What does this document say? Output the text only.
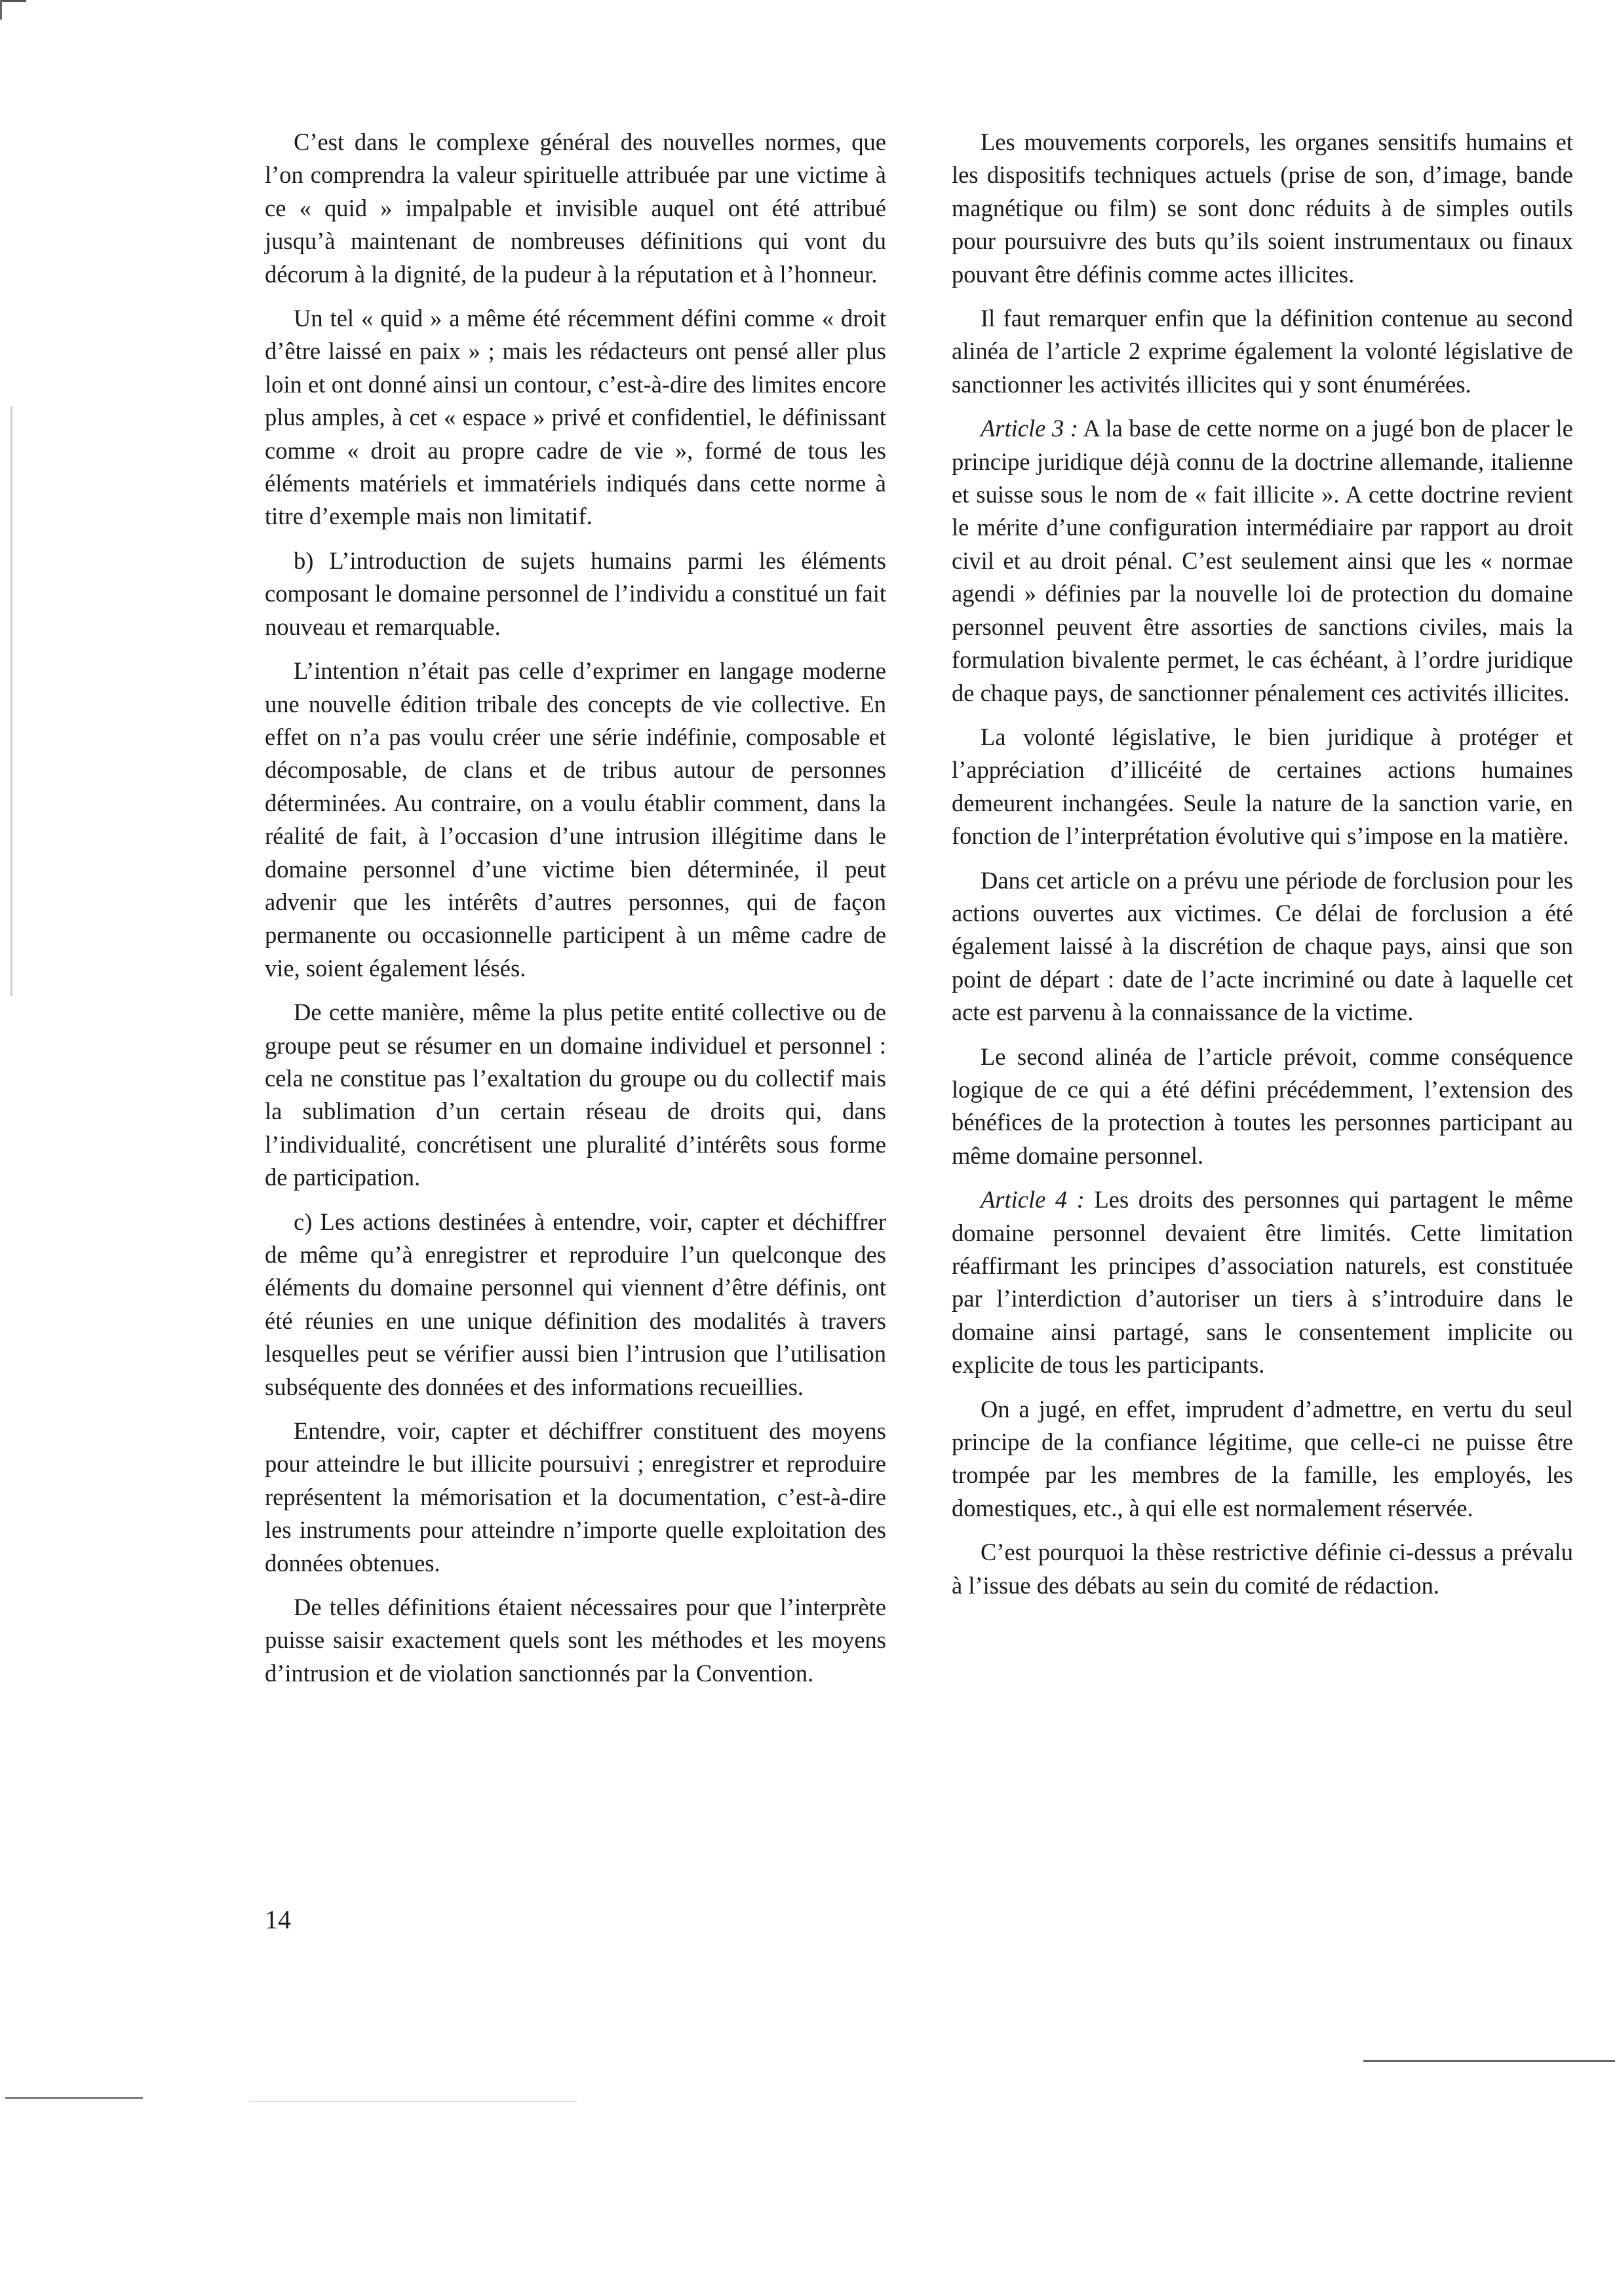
C’est dans le complexe général des nouvelles normes, que l’on comprendra la valeur spirituelle attribuée par une victime à ce « quid » impalpable et invisible auquel ont été attribué jusqu’à maintenant de nombreuses définitions qui vont du décorum à la dignité, de la pudeur à la réputation et à l’honneur.

Un tel « quid » a même été récemment défini comme « droit d’être laissé en paix » ; mais les rédacteurs ont pensé aller plus loin et ont donné ainsi un contour, c’est-à-dire des limites encore plus amples, à cet « espace » privé et confidentiel, le définissant comme « droit au propre cadre de vie », formé de tous les éléments matériels et immatériels indiqués dans cette norme à titre d’exemple mais non limitatif.

b) L’introduction de sujets humains parmi les éléments composant le domaine personnel de l’individu a constitué un fait nouveau et remarquable.

L’intention n’était pas celle d’exprimer en langage moderne une nouvelle édition tribale des concepts de vie collective. En effet on n’a pas voulu créer une série indéfinie, composable et décomposable, de clans et de tribus autour de personnes déterminées. Au contraire, on a voulu établir comment, dans la réalité de fait, à l’occasion d’une intrusion illégitime dans le domaine personnel d’une victime bien déterminée, il peut advenir que les intérêts d’autres personnes, qui de façon permanente ou occasionnelle participent à un même cadre de vie, soient également lésés.

De cette manière, même la plus petite entité collective ou de groupe peut se résumer en un domaine individuel et personnel : cela ne constitue pas l’exaltation du groupe ou du collectif mais la sublimation d’un certain réseau de droits qui, dans l’individualité, concrétisent une pluralité d’intérêts sous forme de participation.

c) Les actions destinées à entendre, voir, capter et déchiffrer de même qu’à enregistrer et reproduire l’un quelconque des éléments du domaine personnel qui viennent d’être définis, ont été réunies en une unique définition des modalités à travers lesquelles peut se vérifier aussi bien l’intrusion que l’utilisation subséquente des données et des informations recueillies.

Entendre, voir, capter et déchiffrer constituent des moyens pour atteindre le but illicite poursuivi ; enregistrer et reproduire représentent la mémorisation et la documentation, c’est-à-dire les instruments pour atteindre n’importe quelle exploitation des données obtenues.

De telles définitions étaient nécessaires pour que l’interprète puisse saisir exactement quels sont les méthodes et les moyens d’intrusion et de violation sanctionnés par la Convention.

Les mouvements corporels, les organes sensitifs humains et les dispositifs techniques actuels (prise de son, d’image, bande magnétique ou film) se sont donc réduits à de simples outils pour poursuivre des buts qu’ils soient instrumentaux ou finaux pouvant être définis comme actes illicites.

Il faut remarquer enfin que la définition contenue au second alinéa de l’article 2 exprime également la volonté législative de sanctionner les activités illicites qui y sont énumérées.

Article 3 : A la base de cette norme on a jugé bon de placer le principe juridique déjà connu de la doctrine allemande, italienne et suisse sous le nom de « fait illicite ». A cette doctrine revient le mérite d’une configuration intermédiaire par rapport au droit civil et au droit pénal. C’est seulement ainsi que les « normae agendi » définies par la nouvelle loi de protection du domaine personnel peuvent être assorties de sanctions civiles, mais la formulation bivalente permet, le cas échéant, à l’ordre juridique de chaque pays, de sanctionner pénalement ces activités illicites.

La volonté législative, le bien juridique à protéger et l’appréciation d’illicéité de certaines actions humaines demeurent inchangées. Seule la nature de la sanction varie, en fonction de l’interprétation évolutive qui s’impose en la matière.

Dans cet article on a prévu une période de forclusion pour les actions ouvertes aux victimes. Ce délai de forclusion a été également laissé à la discrétion de chaque pays, ainsi que son point de départ : date de l’acte incriminé ou date à laquelle cet acte est parvenu à la connaissance de la victime.

Le second alinéa de l’article prévoit, comme conséquence logique de ce qui a été défini précédemment, l’extension des bénéfices de la protection à toutes les personnes participant au même domaine personnel.

Article 4 : Les droits des personnes qui partagent le même domaine personnel devaient être limités. Cette limitation réaffirmant les principes d’association naturels, est constituée par l’interdiction d’autoriser un tiers à s’introduire dans le domaine ainsi partagé, sans le consentement implicite ou explicite de tous les participants.

On a jugé, en effet, imprudent d’admettre, en vertu du seul principe de la confiance légitime, que celle-ci ne puisse être trompée par les membres de la famille, les employés, les domestiques, etc., à qui elle est normalement réservée.

C’est pourquoi la thèse restrictive définie ci-dessus a prévalu à l’issue des débats au sein du comité de rédaction.

14
